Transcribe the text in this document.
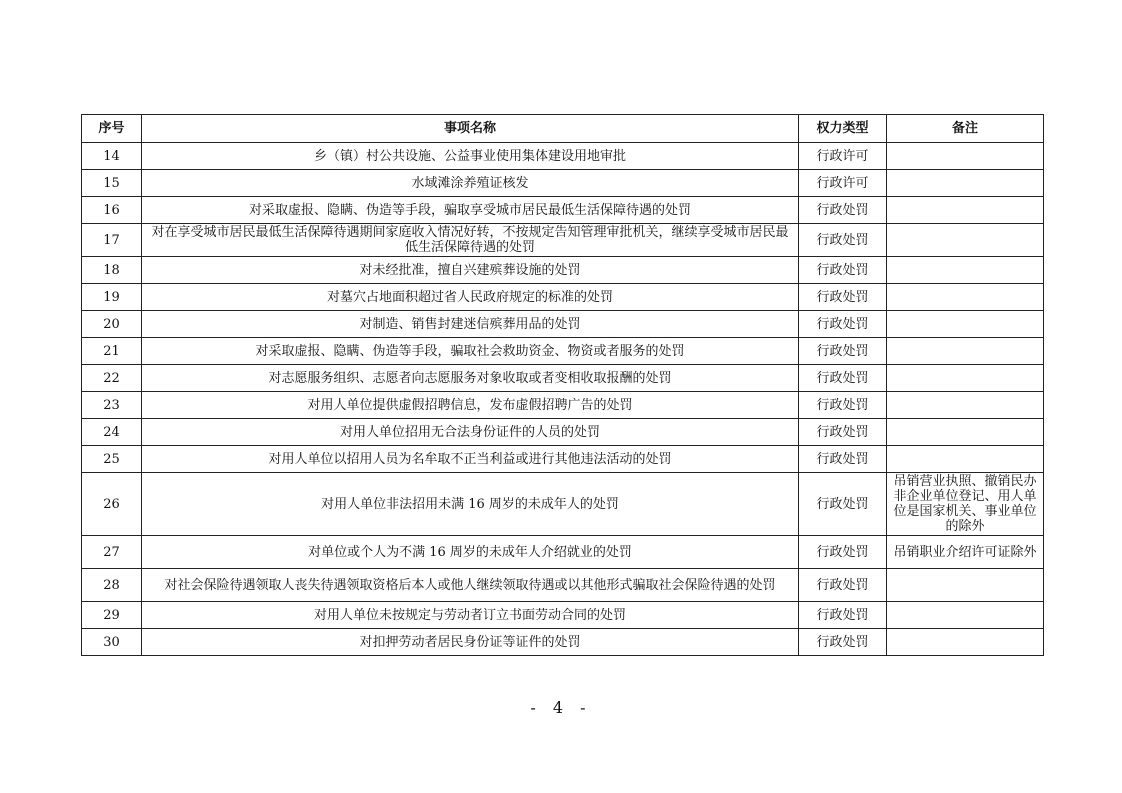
序号	事项名称	权力类型	备注
14	乡（镇）村公共设施、公益事业使用集体建设用地审批	行政许可	
15	水域滩涂养殖证核发	行政许可	
16	对采取虚报、隐瞒、伪造等手段，骗取享受城市居民最低生活保障待遇的处罚	行政处罚	
17	对在享受城市居民最低生活保障待遇期间家庭收入情况好转，不按规定告知管理审批机关，继续享受城市居民最低生活保障待遇的处罚	行政处罚	
18	对未经批准，擅自兴建殡葬设施的处罚	行政处罚	
19	对墓穴占地面积超过省人民政府规定的标准的处罚	行政处罚	
20	对制造、销售封建迷信殡葬用品的处罚	行政处罚	
21	对采取虚报、隐瞒、伪造等手段，骗取社会救助资金、物资或者服务的处罚	行政处罚	
22	对志愿服务组织、志愿者向志愿服务对象收取或者变相收取报酬的处罚	行政处罚	
23	对用人单位提供虚假招聘信息，发布虚假招聘广告的处罚	行政处罚	
24	对用人单位招用无合法身份证件的人员的处罚	行政处罚	
25	对用人单位以招用人员为名牟取不正当利益或进行其他违法活动的处罚	行政处罚	
26	对用人单位非法招用未满 16 周岁的未成年人的处罚	行政处罚	吊销营业执照、撤销民办非企业单位登记、用人单位是国家机关、事业单位的除外
27	对单位或个人为不满 16 周岁的未成年人介绍就业的处罚	行政处罚	吊销职业介绍许可证除外
28	对社会保险待遇领取人丧失待遇领取资格后本人或他人继续领取待遇或以其他形式骗取社会保险待遇的处罚	行政处罚	
29	对用人单位未按规定与劳动者订立书面劳动合同的处罚	行政处罚	
30	对扣押劳动者居民身份证等证件的处罚	行政处罚	
- 4 -
